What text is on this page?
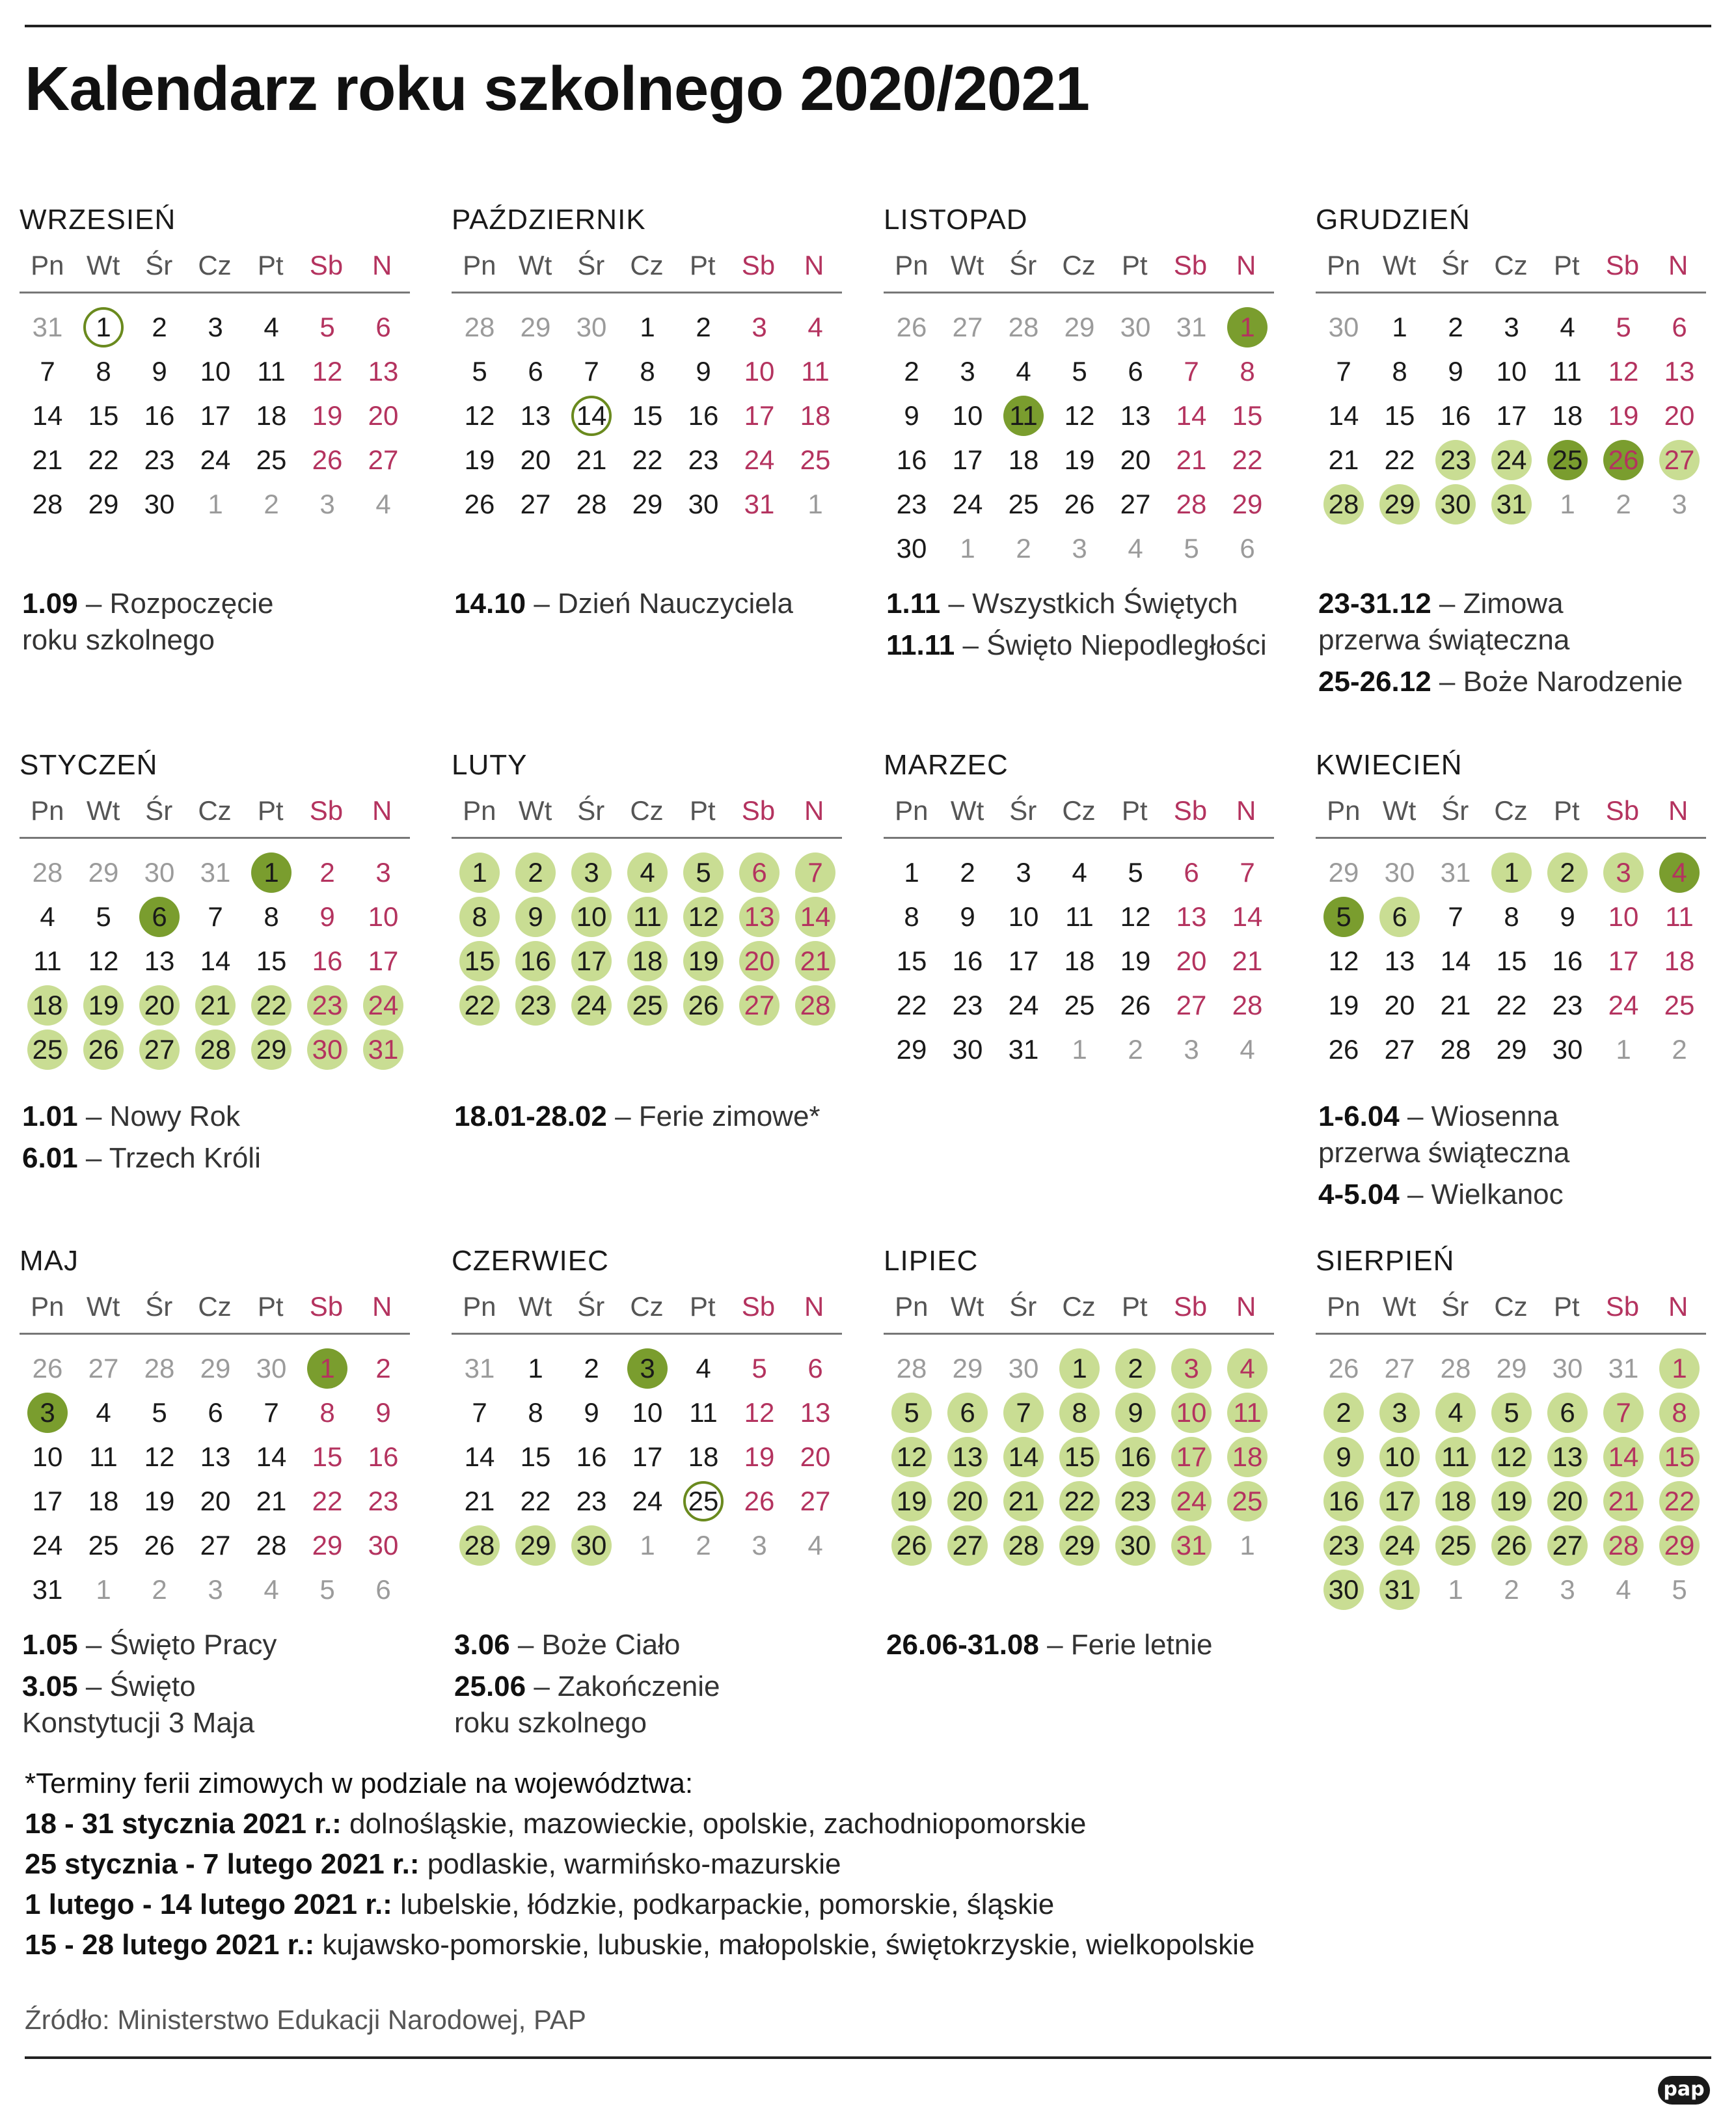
Kalendarz roku szkolnego 2020/2021
WRZESIEŃ
Pn Wt Śr Cz Pt Sb	N
31	1	2	3	4	5	6
7	8	9	10 11 12 13
14 15 16 17 18 19 20
21 22 23 24 25 26 27
28 29 30	1	2	3	4
1.09 – Rozpoczęcie
roku szkolnego
PAŹDZIERNIK
Pn Wt Śr Cz Pt Sb	N
28 29 30	1	2	3	4
5	6	7	8	9	10 11
12 13 14 15 16 17 18
19 20 21 22 23 24 25
26 27 28 29 30 31	1
14.10 – Dzień Nauczyciela
LISTOPAD
Pn Wt Śr Cz Pt Sb	N
26 27 28 29 30 31	1
2	3	4	5	6	7	8
9	10 11 12 13 14 15
16 17 18 19 20 21 22
23 24 25 26 27 28 29
30	1	2	3	4	5	6
1.11 – Wszystkich Świętych
11.11 – Święto Niepodległości
GRUDZIEŃ
Pn Wt Śr Cz Pt Sb	N
30	1	2	3	4	5	6
7	8	9	10 11 12 13
14 15 16 17 18 19 20
21 22 23 24 25 26 27
28 29 30 31	1	2	3
23-31.12 – Zimowa
przerwa świąteczna
25-26.12 – Boże Narodzenie
STYCZEŃ
Pn Wt Śr Cz Pt Sb	N
28 29 30 31	1	2	3
4	5	6	7	8	9	10
11 12 13 14 15 16 17
18 19 20 21 22 23 24
25 26 27 28 29 30 31
1.01 – Nowy Rok
6.01 – Trzech Króli
LUTY
Pn Wt Śr Cz Pt Sb	N
1	2	3	4	5	6	7
8	9	10 11 12 13 14
15 16 17 18 19 20 21
22 23 24 25 26 27 28
18.01-28.02 – Ferie zimowe*
MARZEC
Pn Wt Śr Cz Pt Sb	N
1	2	3	4	5	6	7
8	9	10 11 12 13 14
15 16 17 18 19 20 21
22 23 24 25 26 27 28
29 30 31	1	2	3	4
KWIECIEŃ
Pn Wt Śr Cz Pt Sb	N
29 30 31	1	2	3	4
5	6	7	8	9	10 11
12 13 14 15 16 17 18
19 20 21 22 23 24 25
26 27 28 29 30	1	2
1-6.04 – Wiosenna
przerwa świąteczna
4-5.04 – Wielkanoc
MAJ
Pn Wt Śr Cz Pt Sb	N
26 27 28 29 30	1	2
3	4	5	6	7	8	9
10 11 12 13 14 15 16
17 18 19 20 21 22 23
24 25 26 27 28 29 30
31	1	2	3	4	5	6
1.05 – Święto Pracy
3.05 – Święto
Konstytucji 3 Maja
CZERWIEC
Pn Wt Śr Cz Pt Sb	N
31	1	2	3	4	5	6
7	8	9	10 11 12 13
14 15 16 17 18 19 20
21 22 23 24 25 26 27
28 29 30	1	2	3	4
3.06 – Boże Ciało
25.06 – Zakończenie
roku szkolnego
LIPIEC
Pn Wt Śr Cz Pt Sb	N
28 29 30	1	2	3	4
5	6	7	8	9	10 11
12 13 14 15 16 17 18
19 20 21 22 23 24 25
26 27 28 29 30 31	1
26.06-31.08 – Ferie letnie
SIERPIEŃ
Pn Wt Śr Cz Pt Sb	N
26 27 28 29 30 31	1
2	3	4	5	6	7	8
9	10 11 12 13 14 15
16 17 18 19 20 21 22
23 24 25 26 27 28 29
30 31	1	2	3	4	5
*Terminy ferii zimowych w podziale na województwa:
18 - 31 stycznia 2021 r.: dolnośląskie, mazowieckie, opolskie, zachodniopomorskie
25 stycznia - 7 lutego 2021 r.: podlaskie, warmińsko-mazurskie
1 lutego - 14 lutego 2021 r.: lubelskie, łódzkie, podkarpackie, pomorskie, śląskie
15 - 28 lutego 2021 r.: kujawsko-pomorskie, lubuskie, małopolskie, świętokrzyskie, wielkopolskie
Źródło: Ministerstwo Edukacji Narodowej, PAP
pap
